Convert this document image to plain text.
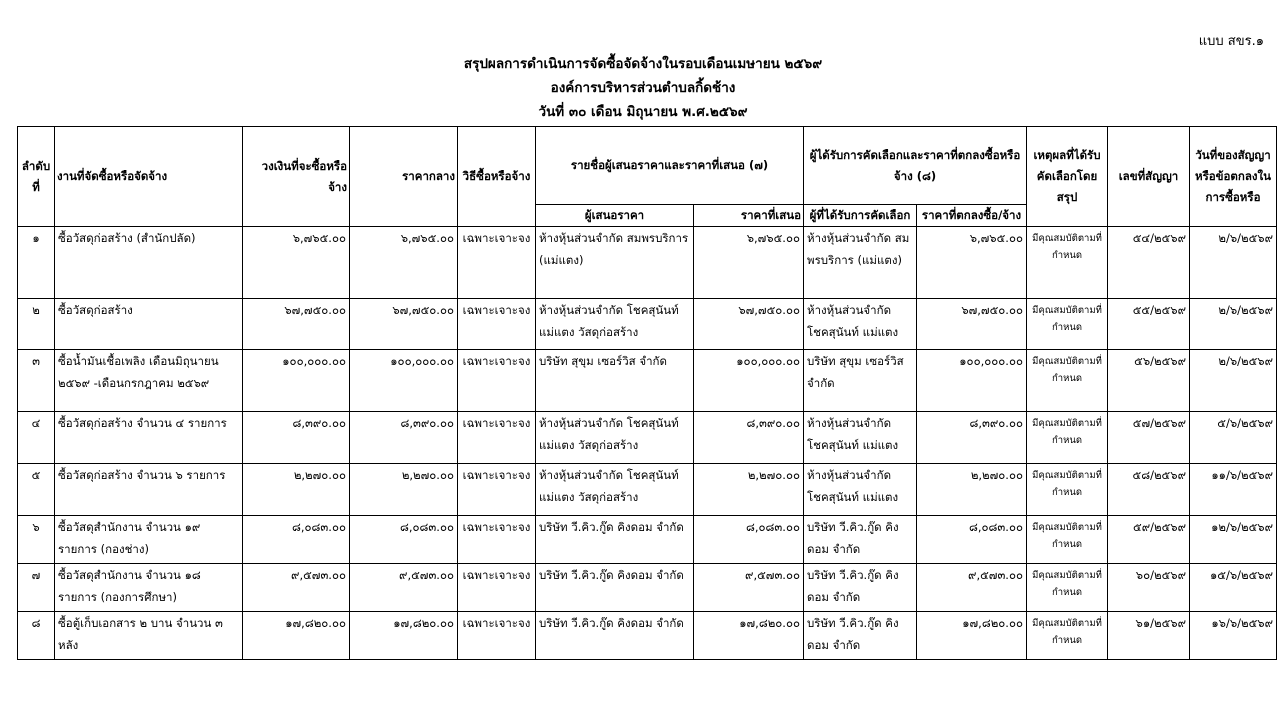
แบบ สขร.๑
สรุปผลการดำเนินการจัดซื้อจัดจ้างในรอบเดือนเมษายน ๒๕๖๙
องค์การบริหารส่วนตำบลกิ้ดช้าง
วันที่ ๓๐ เดือน มิถุนายน พ.ศ.๒๕๖๙
ลำดับที่	งานที่จัดซื้อหรือจัดจ้าง	วงเงินที่จะซื้อหรือจ้าง	ราคากลาง	วิธีซื้อหรือจ้าง	รายชื่อผู้เสนอราคาและราคาที่เสนอ (๗)		ผู้ได้รับการคัดเลือกและราคาที่ตกลงซื้อหรือจ้าง (๘)		เหตุผลที่ได้รับคัดเลือกโดยสรุป	เลขที่สัญญา	วันที่ของสัญญาหรือข้อตกลงในการซื้อหรือ
					ผู้เสนอราคา	ราคาที่เสนอ	ผู้ที่ได้รับการคัดเลือก	ราคาที่ตกลงซื้อ/จ้าง			
๑	ซื้อวัสดุก่อสร้าง (สำนักปลัด)	๖,๗๖๕.๐๐	๖,๗๖๕.๐๐	เฉพาะเจาะจง	ห้างหุ้นส่วนจำกัด สมพรบริการ (แม่แตง)	๖,๗๖๕.๐๐	ห้างหุ้นส่วนจำกัด สมพรบริการ (แม่แตง)	๖,๗๖๕.๐๐	มีคุณสมบัติตามที่กำหนด	๕๔/๒๕๖๙	๒/๖/๒๕๖๙
๒	ซื้อวัสดุก่อสร้าง	๖๗,๗๕๐.๐๐	๖๗,๗๕๐.๐๐	เฉพาะเจาะจง	ห้างหุ้นส่วนจำกัด โชคสุนันท์ แม่แตง วัสดุก่อสร้าง	๖๗,๗๕๐.๐๐	ห้างหุ้นส่วนจำกัด โชคสุนันท์ แม่แตง	๖๗,๗๕๐.๐๐	มีคุณสมบัติตามที่กำหนด	๕๕/๒๕๖๙	๒/๖/๒๕๖๙
๓	ซื้อน้ำมันเชื้อเพลิง เดือนมิถุนายน ๒๕๖๙ -เดือนกรกฎาคม ๒๕๖๙	๑๐๐,๐๐๐.๐๐	๑๐๐,๐๐๐.๐๐	เฉพาะเจาะจง	บริษัท สุขุม เซอร์วิส จำกัด	๑๐๐,๐๐๐.๐๐	บริษัท สุขุม เซอร์วิส จำกัด	๑๐๐,๐๐๐.๐๐	มีคุณสมบัติตามที่กำหนด	๕๖/๒๕๖๙	๒/๖/๒๕๖๙
๔	ซื้อวัสดุก่อสร้าง จำนวน ๔ รายการ	๘,๓๙๐.๐๐	๘,๓๙๐.๐๐	เฉพาะเจาะจง	ห้างหุ้นส่วนจำกัด โชคสุนันท์ แม่แตง วัสดุก่อสร้าง	๘,๓๙๐.๐๐	ห้างหุ้นส่วนจำกัด โชคสุนันท์ แม่แตง	๘,๓๙๐.๐๐	มีคุณสมบัติตามที่กำหนด	๕๗/๒๕๖๙	๕/๖/๒๕๖๙
๕	ซื้อวัสดุก่อสร้าง จำนวน ๖ รายการ	๒,๒๗๐.๐๐	๒,๒๗๐.๐๐	เฉพาะเจาะจง	ห้างหุ้นส่วนจำกัด โชคสุนันท์ แม่แตง วัสดุก่อสร้าง	๒,๒๗๐.๐๐	ห้างหุ้นส่วนจำกัด โชคสุนันท์ แม่แตง	๒,๒๗๐.๐๐	มีคุณสมบัติตามที่กำหนด	๕๘/๒๕๖๙	๑๑/๖/๒๕๖๙
๖	ซื้อวัสดุสำนักงาน จำนวน ๑๙ รายการ (กองช่าง)	๘,๐๘๓.๐๐	๘,๐๘๓.๐๐	เฉพาะเจาะจง	บริษัท วี.คิว.กู๊ด คิงดอม จำกัด	๘,๐๘๓.๐๐	บริษัท วี.คิว.กู๊ด คิงดอม จำกัด	๘,๐๘๓.๐๐	มีคุณสมบัติตามที่กำหนด	๕๙/๒๕๖๙	๑๒/๖/๒๕๖๙
๗	ซื้อวัสดุสำนักงาน จำนวน ๑๘ รายการ (กองการศึกษา)	๙,๕๗๓.๐๐	๙,๕๗๓.๐๐	เฉพาะเจาะจง	บริษัท วี.คิว.กู๊ด คิงดอม จำกัด	๙,๕๗๓.๐๐	บริษัท วี.คิว.กู๊ด คิงดอม จำกัด	๙,๕๗๓.๐๐	มีคุณสมบัติตามที่กำหนด	๖๐/๒๕๖๙	๑๕/๖/๒๕๖๙
๘	ซื้อตู้เก็บเอกสาร ๒ บาน จำนวน ๓ หลัง	๑๗,๘๒๐.๐๐	๑๗,๘๒๐.๐๐	เฉพาะเจาะจง	บริษัท วี.คิว.กู๊ด คิงดอม จำกัด	๑๗,๘๒๐.๐๐	บริษัท วี.คิว.กู๊ด คิงดอม จำกัด	๑๗,๘๒๐.๐๐	มีคุณสมบัติตามที่กำหนด	๖๑/๒๕๖๙	๑๖/๖/๒๕๖๙
